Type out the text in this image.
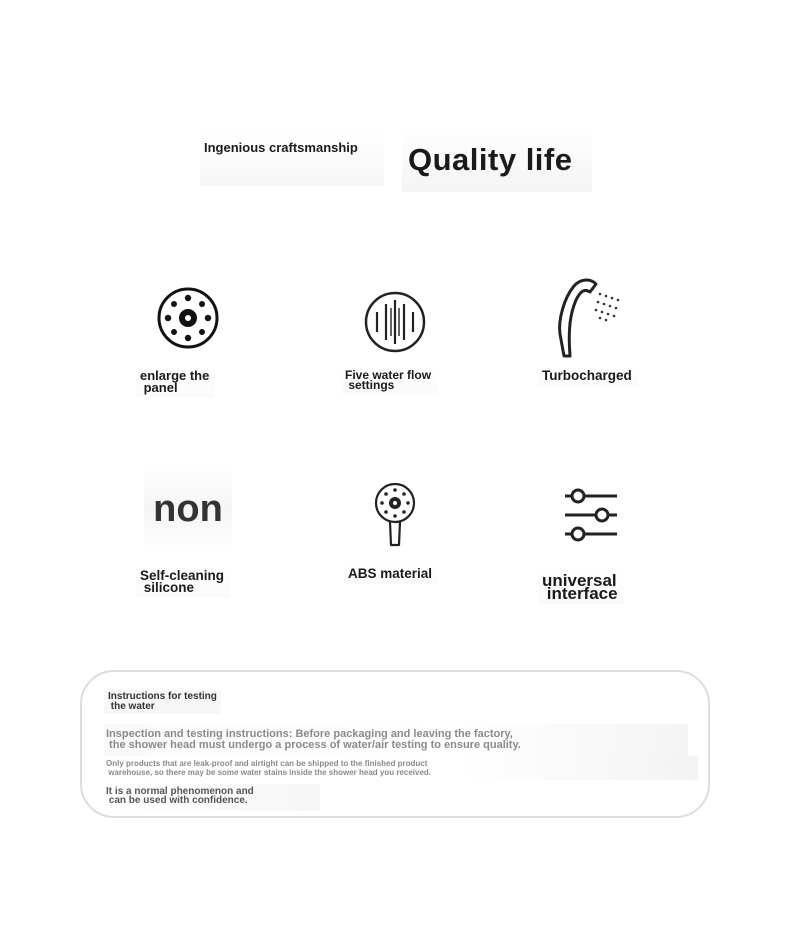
Ingenious craftsmanship	Quality life
enlarge the
panel
Five water flow
settings
Turbocharged
non
Self-cleaning
silicone
ABS material	universal
interface
Instructions for testing
the water
Inspection and testing instructions: Before packaging and leaving the factory,
the shower head must undergo a process of water/air testing to ensure quality.
Only products that are leak-proof and airtight can be shipped to the finished product
warehouse, so there may be some water stains inside the shower head you received.
It is a normal phenomenon and
can be used with confidence.
